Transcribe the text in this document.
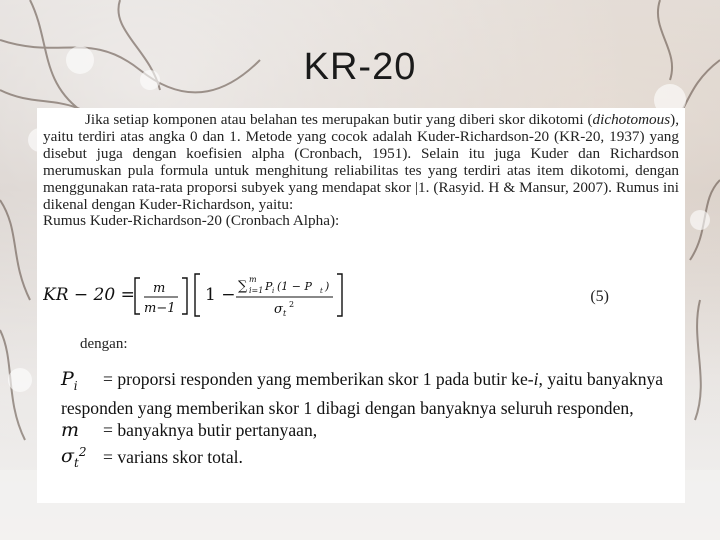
KR-20

Jika setiap komponen atau belahan tes merupakan butir yang diberi skor dikotomi (dichotomous), yaitu terdiri atas angka 0 dan 1. Metode yang cocok adalah Kuder-Richardson-20 (KR-20, 1937) yang disebut juga dengan koefisien alpha (Cronbach, 1951). Selain itu juga Kuder dan Richardson merumuskan pula formula untuk menghitung reliabilitas tes yang terdiri atas item dikotomi, dengan menggunakan rata-rata proporsi subyek yang mendapat skor |1. (Rasyid. H & Mansur, 2007). Rumus ini dikenal dengan Kuder-Richardson, yaitu:

Rumus Kuder-Richardson-20 (Cronbach Alpha):

KR − 20 = m
m−1
1 − ∑ m
i=1 P i (1 − P t )
σ t
2	(5)
dengan:

$P_i$ = proporsi responden yang memberikan skor 1 pada butir ke-i, yaitu banyaknya

responden yang memberikan skor 1 dibagi dengan banyaknya seluruh responden,

m = banyaknya butir pertanyaan,

$\sigma_t^2$ = varians skor total.
